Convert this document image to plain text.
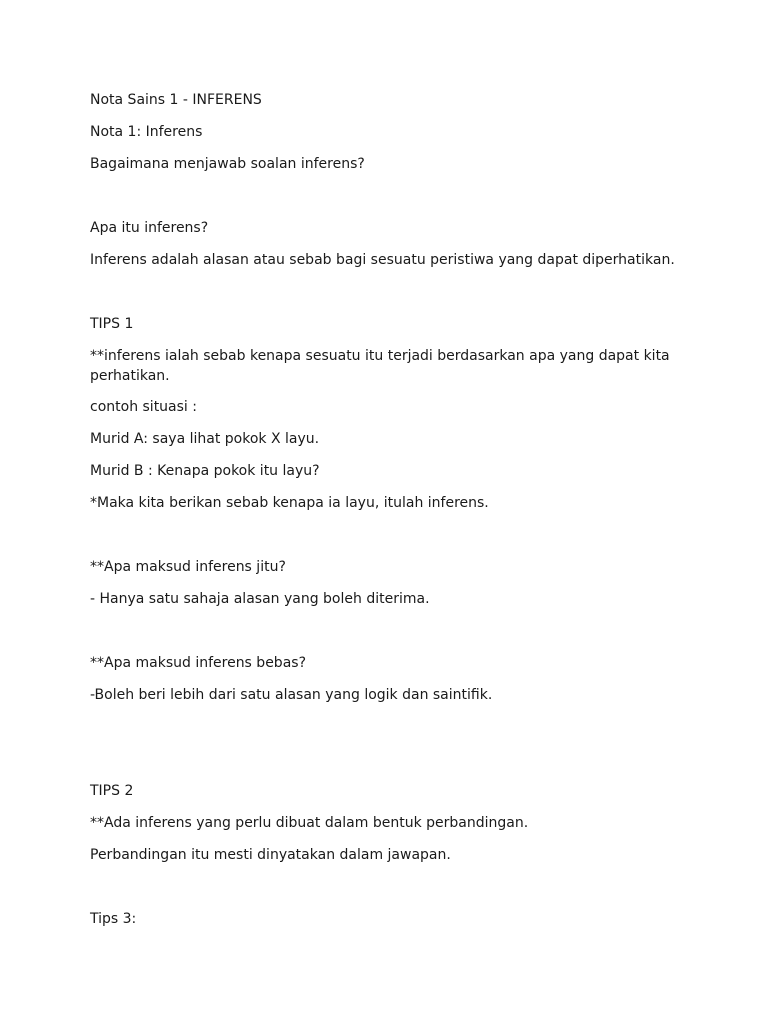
Nota Sains 1 - INFERENS

Nota 1: Inferens

Bagaimana menjawab soalan inferens?

Apa itu inferens?

Inferens adalah alasan atau sebab bagi sesuatu peristiwa yang dapat diperhatikan.

TIPS 1

**inferens ialah sebab kenapa sesuatu itu terjadi berdasarkan apa yang dapat kita perhatikan.

contoh situasi :

Murid A: saya lihat pokok X layu.

Murid B : Kenapa pokok itu layu?

*Maka kita berikan sebab kenapa ia layu, itulah inferens.

**Apa maksud inferens jitu?

- Hanya satu sahaja alasan yang boleh diterima.

**Apa maksud inferens bebas?

-Boleh beri lebih dari satu alasan yang logik dan saintifik.

TIPS 2

**Ada inferens yang perlu dibuat dalam bentuk perbandingan.

Perbandingan itu mesti dinyatakan dalam jawapan.

Tips 3:
